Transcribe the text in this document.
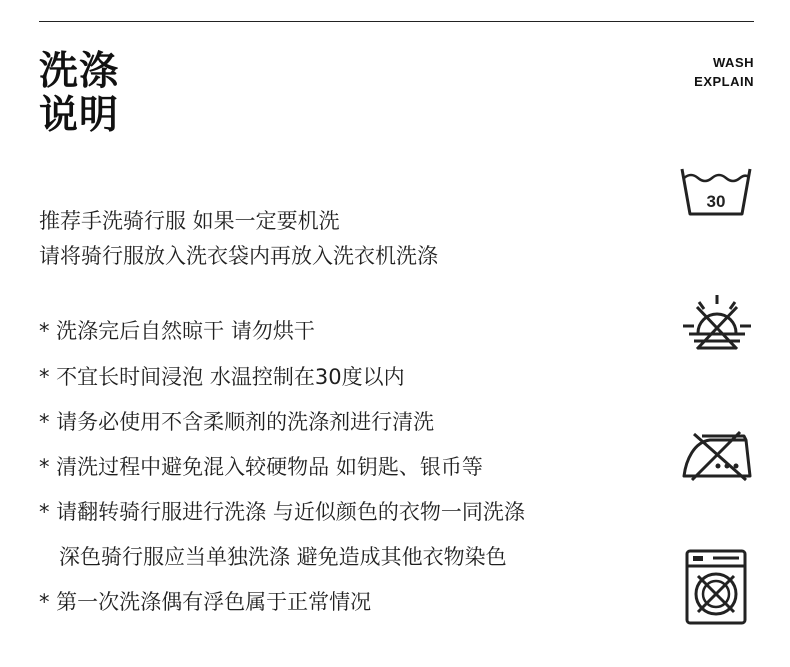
洗涤
说明
WASH
EXPLAIN
推荐手洗骑行服 如果一定要机洗
请将骑行服放入洗衣袋内再放入洗衣机洗涤
* 洗涤完后自然晾干 请勿烘干
* 不宜长时间浸泡 水温控制在30度以内
* 请务必使用不含柔顺剂的洗涤剂进行清洗
* 清洗过程中避免混入较硬物品 如钥匙、银币等
* 请翻转骑行服进行洗涤 与近似颜色的衣物一同洗涤
深色骑行服应当单独洗涤 避免造成其他衣物染色
* 第一次洗涤偶有浮色属于正常情况
30
